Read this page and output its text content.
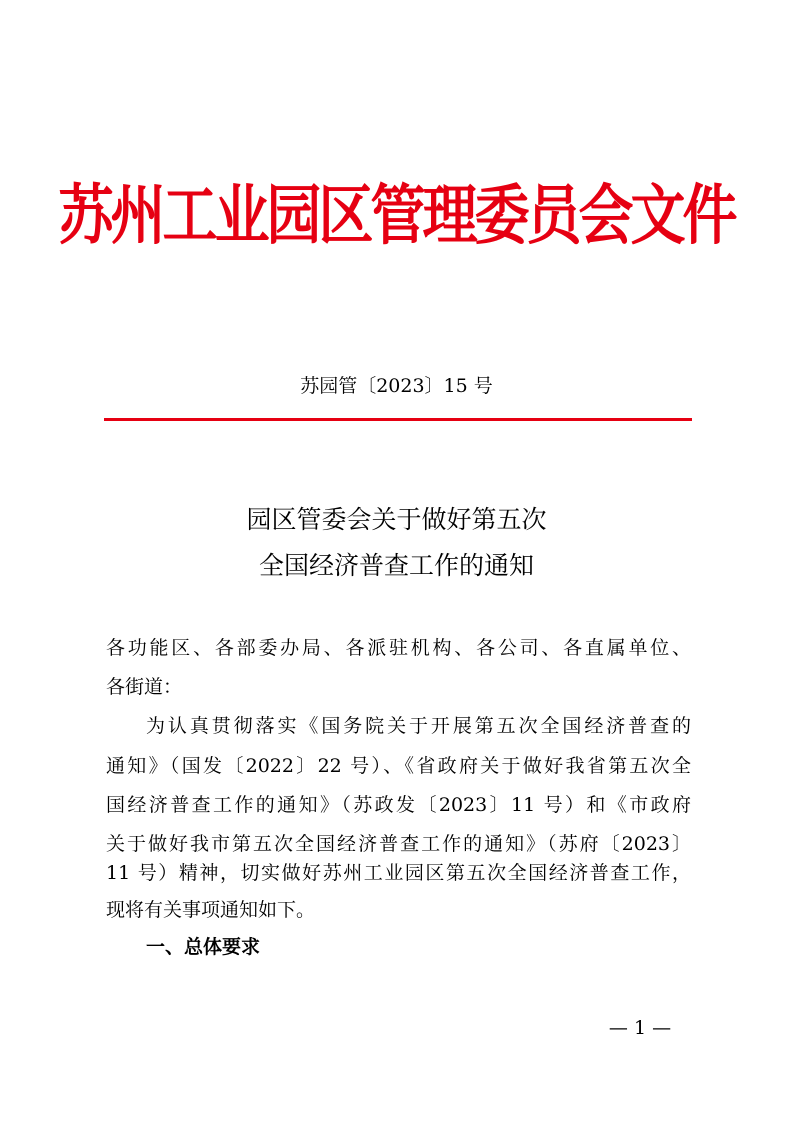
苏州工业园区管理委员会文件
苏园管〔2023〕15 号
园区管委会关于做好第五次
全国经济普查工作的通知
各功能区、各部委办局、各派驻机构、各公司、各直属单位、
各街道：
为认真贯彻落实《国务院关于开展第五次全国经济普查的
通知》（国发〔2022〕22 号）、《省政府关于做好我省第五次全
国经济普查工作的通知》（苏政发〔2023〕11 号）和《市政府
关于做好我市第五次全国经济普查工作的通知》（苏府〔2023〕
11 号）精神，切实做好苏州工业园区第五次全国经济普查工作，
现将有关事项通知如下。
一、总体要求
— 1 —
